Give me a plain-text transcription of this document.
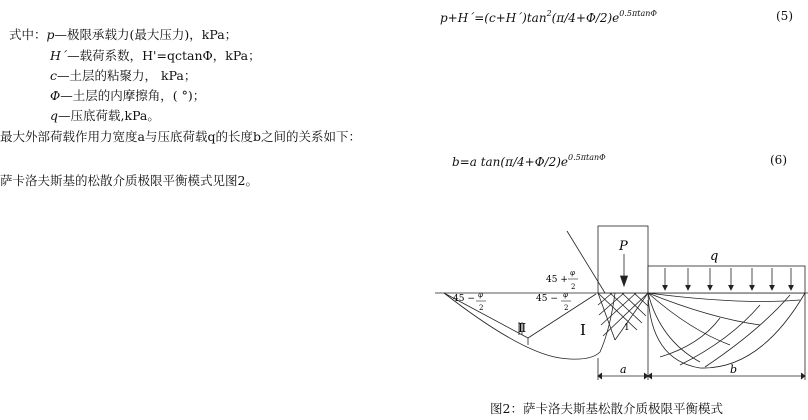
式中：p—极限承载力(最大压力)，kPa；
H´—载荷系数，H'=qctanΦ，kPa；
c—土层的粘聚力， kPa；
Φ—土层的内摩擦角，( °)；
q—压底荷载,kPa。
最大外部荷载作用力宽度a与压底荷载q的长度b之间的关系如下：
萨卡洛夫斯基的松散介质极限平衡模式见图2。
$p+H´=(c+H´)\tan^2(\pi/4+\Phi/2)e^{0.5\pi tan\Phi}$	(5)
b=a $\tan(\pi/4+\Phi/2)e^{0.5\pi tan\Phi}$	(6)
P
q
a	b
I
Ⅱ	1
45 +
φ
2
45 − φ
2
45 − φ
2
图2：萨卡洛夫斯基松散介质极限平衡模式
